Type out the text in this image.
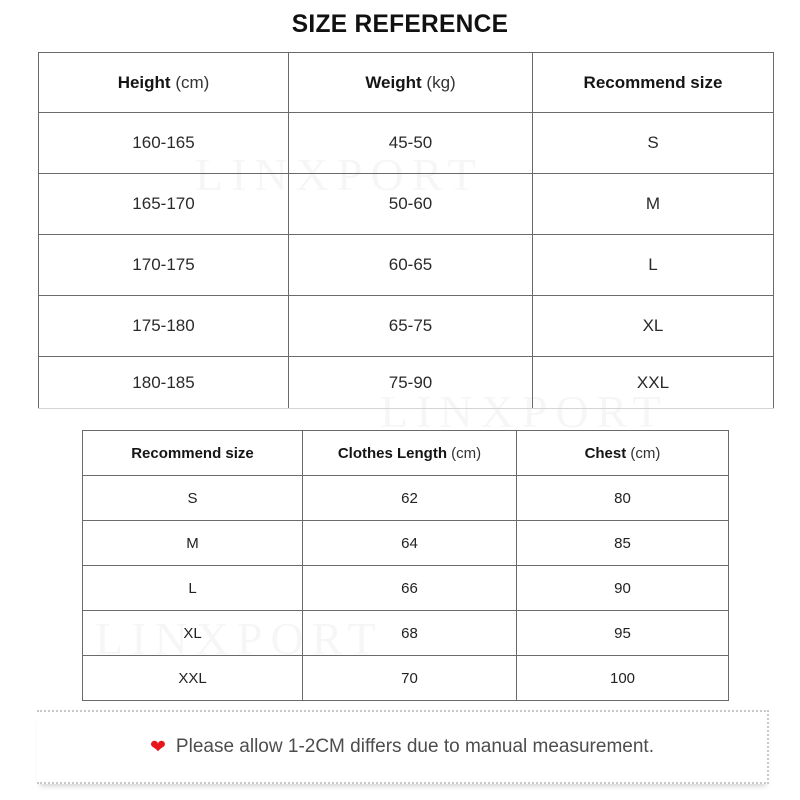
SIZE REFERENCE
Height (cm)	Weight (kg)	Recommend size
160-165	45-50	S
165-170	50-60	M
170-175	60-65	L
175-180	65-75	XL
180-185	75-90	XXL
Recommend size	Clothes Length (cm)	Chest (cm)
S	62	80
M	64	85
L	66	90
XL	68	95
XXL	70	100
❤ Please allow 1-2CM differs due to manual measurement.
